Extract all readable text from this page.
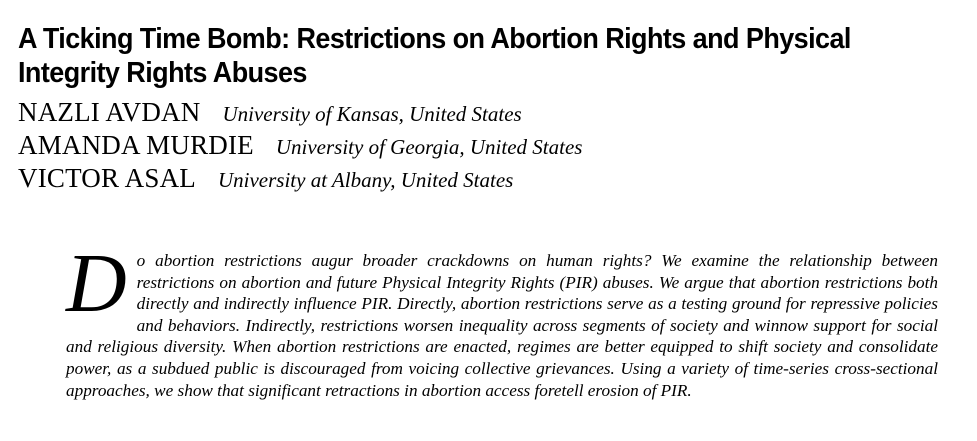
A Ticking Time Bomb: Restrictions on Abortion Rights and Physical Integrity Rights Abuses
NAZLI AVDAN University of Kansas, United States
AMANDA MURDIE University of Georgia, United States
VICTOR ASAL University at Albany, United States

Do abortion restrictions augur broader crackdowns on human rights? We examine the relationship between restrictions on abortion and future Physical Integrity Rights (PIR) abuses. We argue that abortion restrictions both directly and indirectly influence PIR. Directly, abortion restrictions serve as a testing ground for repressive policies and behaviors. Indirectly, restrictions worsen inequality across segments of society and winnow support for social and religious diversity. When abortion restrictions are enacted, regimes are better equipped to shift society and consolidate power, as a subdued public is discouraged from voicing collective grievances. Using a variety of time-series cross-sectional approaches, we show that significant retractions in abortion access foretell erosion of PIR.
